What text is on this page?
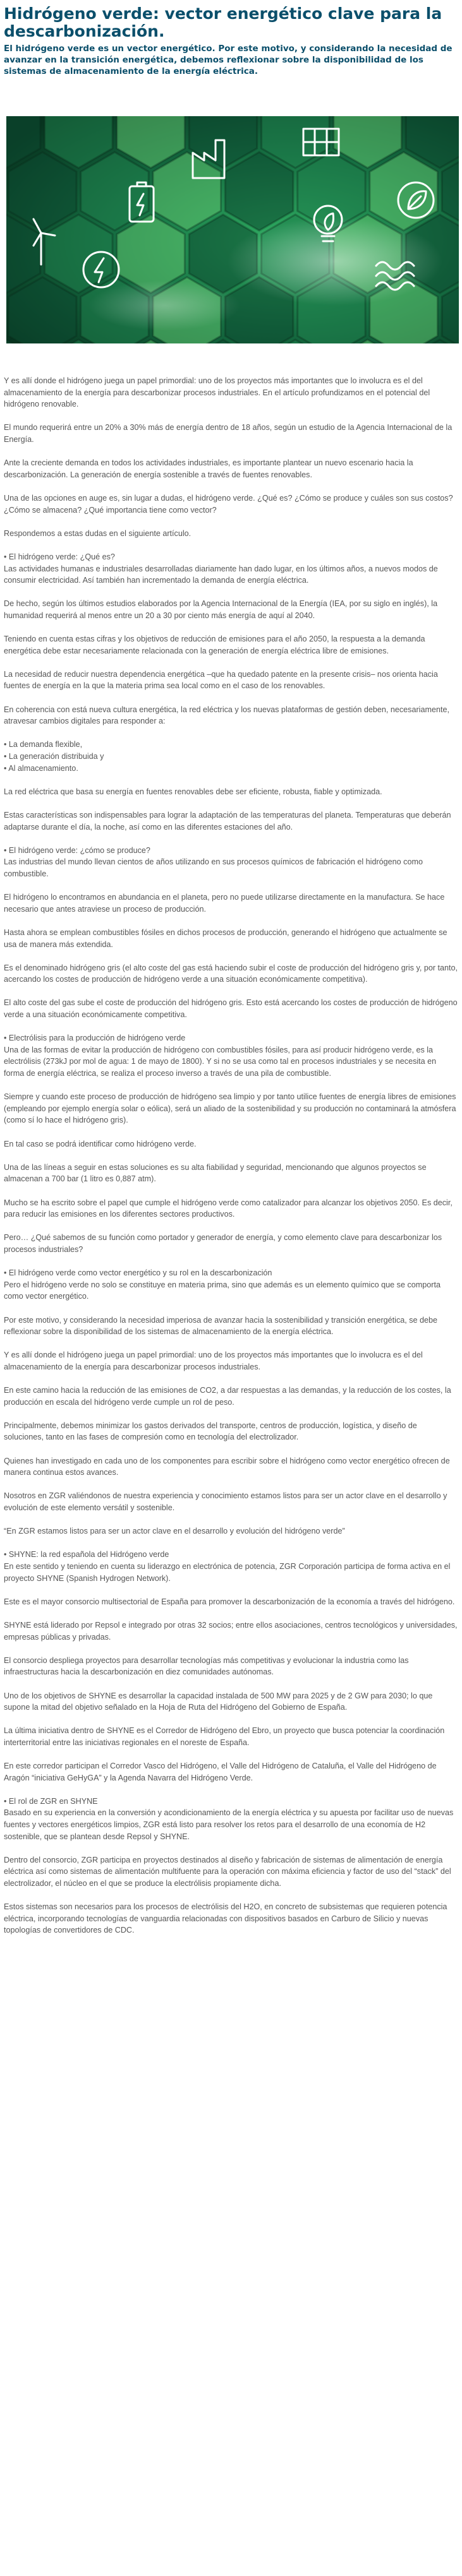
Hidrógeno verde: vector energético clave para la descarbonización.

El hidrógeno verde es un vector energético. Por este motivo, y considerando la necesidad de avanzar en la transición energética, debemos reflexionar sobre la disponibilidad de los sistemas de almacenamiento de la energía eléctrica.

Y es allí donde el hidrógeno juega un papel primordial: uno de los proyectos más importantes que lo involucra es el del almacenamiento de la energía para descarbonizar procesos industriales. En el artículo profundizamos en el potencial del hidrógeno renovable.

El mundo requerirá entre un 20% a 30% más de energía dentro de 18 años, según un estudio de la Agencia Internacional de la Energía.

Ante la creciente demanda en todos los actividades industriales, es importante plantear un nuevo escenario hacia la descarbonización. La generación de energía sostenible a través de fuentes renovables.

Una de las opciones en auge es, sin lugar a dudas, el hidrógeno verde. ¿Qué es? ¿Cómo se produce y cuáles son sus costos? ¿Cómo se almacena? ¿Qué importancia tiene como vector?

Respondemos a estas dudas en el siguiente artículo.

• El hidrógeno verde: ¿Qué es?
Las actividades humanas e industriales desarrolladas diariamente han dado lugar, en los últimos años, a nuevos modos de consumir electricidad. Así también han incrementado la demanda de energía eléctrica.

De hecho, según los últimos estudios elaborados por la Agencia Internacional de la Energía (IEA, por su siglo en inglés), la humanidad requerirá al menos entre un 20 a 30 por ciento más energía de aquí al 2040.

Teniendo en cuenta estas cifras y los objetivos de reducción de emisiones para el año 2050, la respuesta a la demanda energética debe estar necesariamente relacionada con la generación de energía eléctrica libre de emisiones.

La necesidad de reducir nuestra dependencia energética –que ha quedado patente en la presente crisis– nos orienta hacia fuentes de energía en la que la materia prima sea local como en el caso de los renovables.

En coherencia con está nueva cultura energética, la red eléctrica y los nuevas plataformas de gestión deben, necesariamente, atravesar cambios digitales para responder a:

• La demanda flexible,
• La generación distribuida y
• Al almacenamiento.

La red eléctrica que basa su energía en fuentes renovables debe ser eficiente, robusta, fiable y optimizada.

Estas características son indispensables para lograr la adaptación de las temperaturas del planeta. Temperaturas que deberán adaptarse durante el día, la noche, así como en las diferentes estaciones del año.

• El hidrógeno verde: ¿cómo se produce?
Las industrias del mundo llevan cientos de años utilizando en sus procesos químicos de fabricación el hidrógeno como combustible.

El hidrógeno lo encontramos en abundancia en el planeta, pero no puede utilizarse directamente en la manufactura. Se hace necesario que antes atraviese un proceso de producción.

Hasta ahora se emplean combustibles fósiles en dichos procesos de producción, generando el hidrógeno que actualmente se usa de manera más extendida.

Es el denominado hidrógeno gris (el alto coste del gas está haciendo subir el coste de producción del hidrógeno gris y, por tanto, acercando los costes de producción de hidrógeno verde a una situación económicamente competitiva).

El alto coste del gas sube el coste de producción del hidrógeno gris. Esto está acercando los costes de producción de hidrógeno verde a una situación económicamente competitiva.

• Electrólisis para la producción de hidrógeno verde
Una de las formas de evitar la producción de hidrógeno con combustibles fósiles, para así producir hidrógeno verde, es la electrólisis (273kJ por mol de agua: 1 de mayo de 1800). Y si no se usa como tal en procesos industriales y se necesita en forma de energía eléctrica, se realiza el proceso inverso a través de una pila de combustible.

Siempre y cuando este proceso de producción de hidrógeno sea limpio y por tanto utilice fuentes de energía libres de emisiones (empleando por ejemplo energía solar o eólica), será un aliado de la sostenibilidad y su producción no contaminará la atmósfera (como sí lo hace el hidrógeno gris).

En tal caso se podrá identificar como hidrógeno verde.

Una de las líneas a seguir en estas soluciones es su alta fiabilidad y seguridad, mencionando que algunos proyectos se almacenan a 700 bar (1 litro es 0,887 atm).

Mucho se ha escrito sobre el papel que cumple el hidrógeno verde como catalizador para alcanzar los objetivos 2050. Es decir, para reducir las emisiones en los diferentes sectores productivos.

Pero… ¿Qué sabemos de su función como portador y generador de energía, y como elemento clave para descarbonizar los procesos industriales?

• El hidrógeno verde como vector energético y su rol en la descarbonización
Pero el hidrógeno verde no solo se constituye en materia prima, sino que además es un elemento químico que se comporta como vector energético.

Por este motivo, y considerando la necesidad imperiosa de avanzar hacia la sostenibilidad y transición energética, se debe reflexionar sobre la disponibilidad de los sistemas de almacenamiento de la energía eléctrica.

Y es allí donde el hidrógeno juega un papel primordial: uno de los proyectos más importantes que lo involucra es el del almacenamiento de la energía para descarbonizar procesos industriales.

En este camino hacia la reducción de las emisiones de CO2, a dar respuestas a las demandas, y la reducción de los costes, la producción en escala del hidrógeno verde cumple un rol de peso.

Principalmente, debemos minimizar los gastos derivados del transporte, centros de producción, logística, y diseño de soluciones, tanto en las fases de compresión como en tecnología del electrolizador.

Quienes han investigado en cada uno de los componentes para escribir sobre el hidrógeno como vector energético ofrecen de manera continua estos avances.

Nosotros en ZGR valiéndonos de nuestra experiencia y conocimiento estamos listos para ser un actor clave en el desarrollo y evolución de este elemento versátil y sostenible.

“En ZGR estamos listos para ser un actor clave en el desarrollo y evolución del hidrógeno verde”

• SHYNE: la red española del Hidrógeno verde
En este sentido y teniendo en cuenta su liderazgo en electrónica de potencia, ZGR Corporación participa de forma activa en el proyecto SHYNE (Spanish Hydrogen Network).

Este es el mayor consorcio multisectorial de España para promover la descarbonización de la economía a través del hidrógeno.

SHYNE está liderado por Repsol e integrado por otras 32 socios; entre ellos asociaciones, centros tecnológicos y universidades, empresas públicas y privadas.

El consorcio despliega proyectos para desarrollar tecnologías más competitivas y evolucionar la industria como las infraestructuras hacia la descarbonización en diez comunidades autónomas.

Uno de los objetivos de SHYNE es desarrollar la capacidad instalada de 500 MW para 2025 y de 2 GW para 2030; lo que supone la mitad del objetivo señalado en la Hoja de Ruta del Hidrógeno del Gobierno de España.

La última iniciativa dentro de SHYNE es el Corredor de Hidrógeno del Ebro, un proyecto que busca potenciar la coordinación interterritorial entre las iniciativas regionales en el noreste de España.

En este corredor participan el Corredor Vasco del Hidrógeno, el Valle del Hidrógeno de Cataluña, el Valle del Hidrógeno de Aragón “iniciativa GeHyGA” y la Agenda Navarra del Hidrógeno Verde.

• El rol de ZGR en SHYNE
Basado en su experiencia en la conversión y acondicionamiento de la energía eléctrica y su apuesta por facilitar uso de nuevas fuentes y vectores energéticos limpios, ZGR está listo para resolver los retos para el desarrollo de una economía de H2 sostenible, que se plantean desde Repsol y SHYNE.

Dentro del consorcio, ZGR participa en proyectos destinados al diseño y fabricación de sistemas de alimentación de energía eléctrica así como sistemas de alimentación multifuente para la operación con máxima eficiencia y factor de uso del “stack” del electrolizador, el núcleo en el que se produce la electrólisis propiamente dicha.

Estos sistemas son necesarios para los procesos de electrólisis del H2O, en concreto de subsistemas que requieren potencia eléctrica, incorporando tecnologías de vanguardia relacionadas con dispositivos basados en Carburo de Silicio y nuevas topologías de convertidores de CDC.
